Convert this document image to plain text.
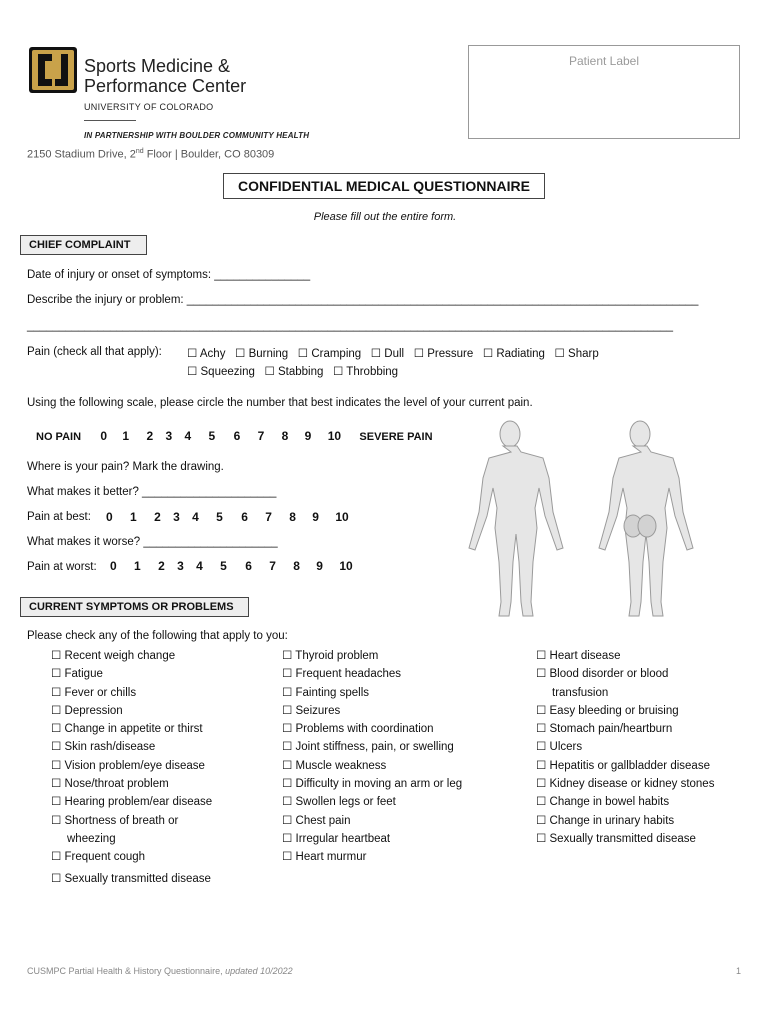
Sports Medicine &
Performance Center
UNIVERSITY OF COLORADO
IN PARTNERSHIP WITH BOULDER COMMUNITY HEALTH
2150 Stadium Drive, 2nd Floor | Boulder, CO 80309
Patient Label
CONFIDENTIAL MEDICAL QUESTIONNAIRE
Please fill out the entire form.
CHIEF COMPLAINT
Date of injury or onset of symptoms: _______________
Describe the injury or problem: ________________________________________________________________________________
_____________________________________________________________________________________________________
Pain (check all that apply): ☐ Achy ☐ Burning ☐ Cramping ☐ Dull ☐ Pressure ☐ Radiating ☐ Sharp
☐ Squeezing ☐ Stabbing ☐ Throbbing
Using the following scale, please circle the number that best indicates the level of your current pain.
NO PAIN 0 1 2 3 4 5 6 7 8 9 10 SEVERE PAIN
Where is your pain? Mark the drawing.
What makes it better? _____________________
Pain at best: 0 1 2 3 4 5 6 7 8 9 10
What makes it worse? _____________________
Pain at worst: 0 1 2 3 4 5 6 7 8 9 10
CURRENT SYMPTOMS OR PROBLEMS
Please check any of the following that apply to you:
☐ Recent weigh change
☐ Fatigue
☐ Fever or chills
☐ Depression
☐ Change in appetite or thirst
☐ Skin rash/disease
☐ Vision problem/eye disease
☐ Nose/throat problem
☐ Hearing problem/ear disease
☐ Shortness of breath or
wheezing
☐ Frequent cough
☐ Sexually transmitted disease
☐ Thyroid problem
☐ Frequent headaches
☐ Fainting spells
☐ Seizures
☐ Problems with coordination
☐ Joint stiffness, pain, or swelling
☐ Muscle weakness
☐ Difficulty in moving an arm or leg
☐ Swollen legs or feet
☐ Chest pain
☐ Irregular heartbeat
☐ Heart murmur
☐ Heart disease
☐ Blood disorder or blood
transfusion
☐ Easy bleeding or bruising
☐ Stomach pain/heartburn
☐ Ulcers
☐ Hepatitis or gallbladder disease
☐ Kidney disease or kidney stones
☐ Change in bowel habits
☐ Change in urinary habits
☐ Sexually transmitted disease
CUSMPC Partial Health & History Questionnaire, updated 10/2022	1
